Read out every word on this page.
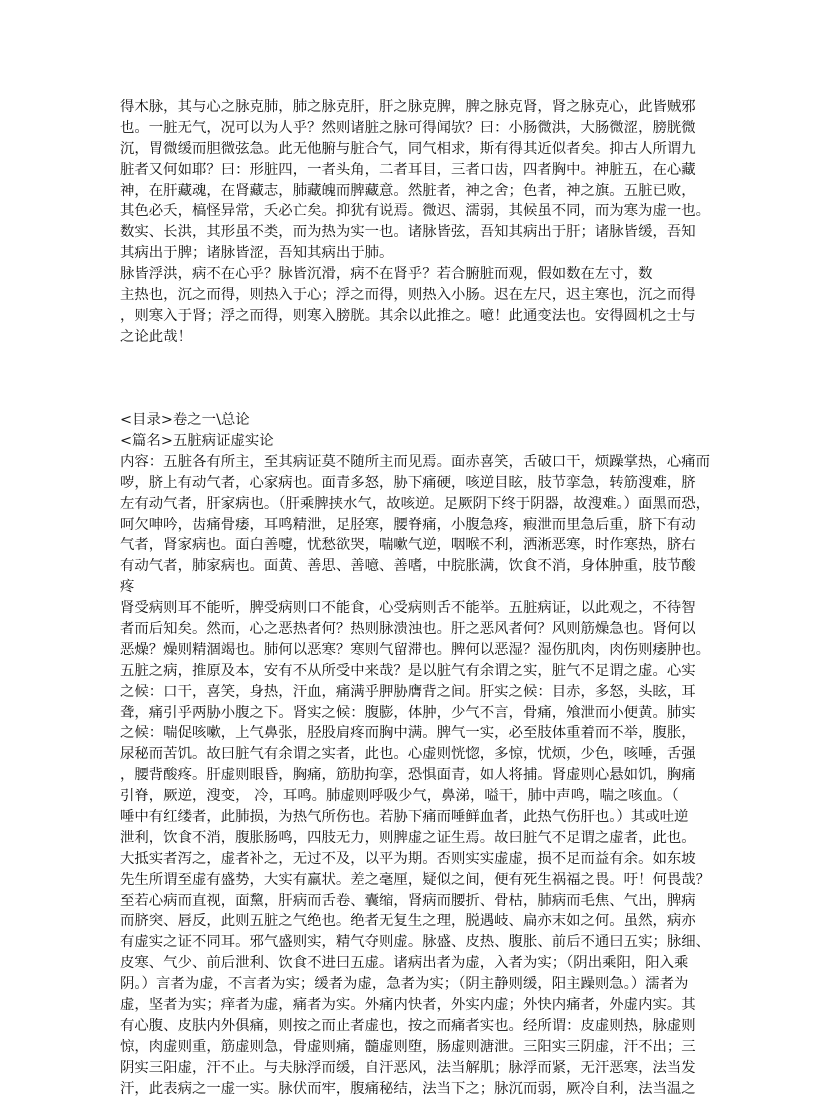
得木脉，其与心之脉克肺，肺之脉克肝，肝之脉克脾，脾之脉克肾，肾之脉克心，此皆贼邪
也。一脏无气，况可以为人乎？然则诸脏之脉可得闻欤？曰：小肠微洪，大肠微涩，膀胱微
沉，胃微缓而胆微弦急。此无他腑与脏合气，同气相求，斯有得其近似者矣。抑古人所谓九
脏者又何如耶？曰：形脏四，一者头角，二者耳目，三者口齿，四者胸中。神脏五，在心藏
神，在肝藏魂，在肾藏志，肺藏魄而脾藏意。然脏者，神之舍；色者，神之旗。五脏已败，
其色必夭，槁怪异常，夭必亡矣。抑犹有说焉。微迟、濡弱，其候虽不同，而为寒为虚一也。
数实、长洪，其形虽不类，而为热为实一也。诸脉皆弦，吾知其病出于肝；诸脉皆缓，吾知
其病出于脾；诸脉皆涩，吾知其病出于肺。
脉皆浮洪，病不在心乎？脉皆沉滑，病不在肾乎？若合腑脏而观，假如数在左寸，数
主热也，沉之而得，则热入于心；浮之而得，则热入小肠。迟在左尺，迟主寒也，沉之而得
，则寒入于肾；浮之而得，则寒入膀胱。其余以此推之。噫！此通变法也。安得圆机之士与
之论此哉！
<目录>卷之一\总论
<篇名>五脏病证虚实论
内容：五脏各有所主，至其病证莫不随所主而见焉。面赤喜笑，舌破口干，烦躁掌热，心痛而
哕，脐上有动气者，心家病也。面青多怒，胁下痛硬，咳逆目眩，肢节挛急，转筋溲难，脐
左有动气者，肝家病也。（肝乘脾挟水气，故咳逆。足厥阴下终于阴器，故溲难。）面黑而恐，
呵欠呻吟，齿痛骨痿，耳鸣精泄，足胫寒，腰脊痛，小腹急疼，瘕泄而里急后重，脐下有动
气者，肾家病也。面白善嚏，忧愁欲哭，喘嗽气逆，咽喉不利，洒淅恶寒，时作寒热，脐右
有动气者，肺家病也。面黄、善思、善噫、善嗜，中脘胀满，饮食不消，身体肿重，肢节酸
疼
肾受病则耳不能听，脾受病则口不能食，心受病则舌不能举。五脏病证，以此观之，不待智
者而后知矣。然而，心之恶热者何？热则脉溃浊也。肝之恶风者何？风则筋燥急也。肾何以
恶燥？燥则精涸竭也。肺何以恶寒？寒则气留滞也。脾何以恶湿？湿伤肌肉，肉伤则痿肿也。
五脏之病，推原及本，安有不从所受中来哉？是以脏气有余谓之实，脏气不足谓之虚。心实
之候：口干，喜笑，身热，汗血，痛满乎胛胁膺背之间。肝实之候：目赤，多怒，头眩，耳
聋，痛引乎两胁小腹之下。肾实之候：腹膨，体肿，少气不言，骨痛，飧泄而小便黄。肺实
之候：喘促咳嗽，上气鼻张，胫股肩疼而胸中满。脾气一实，必至肢体重着而不举，腹胀，
尿秘而苦饥。故曰脏气有余谓之实者，此也。心虚则恍惚，多惊，忧烦，少色，咳唾，舌强
，腰背酸疼。肝虚则眼昏，胸痛，筋肋拘挛，恐惧面青，如人将捕。肾虚则心悬如饥，胸痛
引脊，厥逆，溲变， 冷，耳鸣。肺虚则呼吸少气，鼻涕，嗌干，肺中声鸣，喘之咳血。（
唾中有红缕者，此肺损，为热气所伤也。若胁下痛而唾鲜血者，此热气伤肝也。）其或吐逆
泄利，饮食不消，腹胀肠鸣，四肢无力，则脾虚之证生焉。故曰脏气不足谓之虚者，此也。
大抵实者泻之，虚者补之，无过不及，以平为期。否则实实虚虚，损不足而益有余。如东坡
先生所谓至虚有盛势，大实有羸状。差之毫厘，疑似之间，便有死生祸福之畏。吁！何畏哉？
至若心病而直视，面黧，肝病而舌卷、囊缩，肾病而腰折、骨枯，肺病而毛焦、气出，脾病
而脐突、唇反，此则五脏之气绝也。绝者无复生之理，脱遇岐、扁亦末如之何。虽然，病亦
有虚实之证不同耳。邪气盛则实，精气夺则虚。脉盛、皮热、腹胀、前后不通曰五实；脉细、
皮寒、气少、前后泄利、饮食不进曰五虚。诸病出者为虚，入者为实；（阴出乘阳，阳入乘
阴。）言者为虚，不言者为实；缓者为虚，急者为实；（阴主静则缓，阳主躁则急。）濡者为
虚，坚者为实；痒者为虚，痛者为实。外痛内快者，外实内虚；外快内痛者，外虚内实。其
有心腹、皮肤内外俱痛，则按之而止者虚也，按之而痛者实也。经所谓：皮虚则热，脉虚则
惊，肉虚则重，筋虚则急，骨虚则痛，髓虚则堕，肠虚则溏泄。三阳实三阴虚，汗不出；三
阴实三阳虚，汗不止。与夫脉浮而缓，自汗恶风，法当解肌；脉浮而紧，无汗恶寒，法当发
汗，此表病之一虚一实。脉伏而牢，腹痛秘结，法当下之；脉沉而弱，厥冷自利，法当温之
